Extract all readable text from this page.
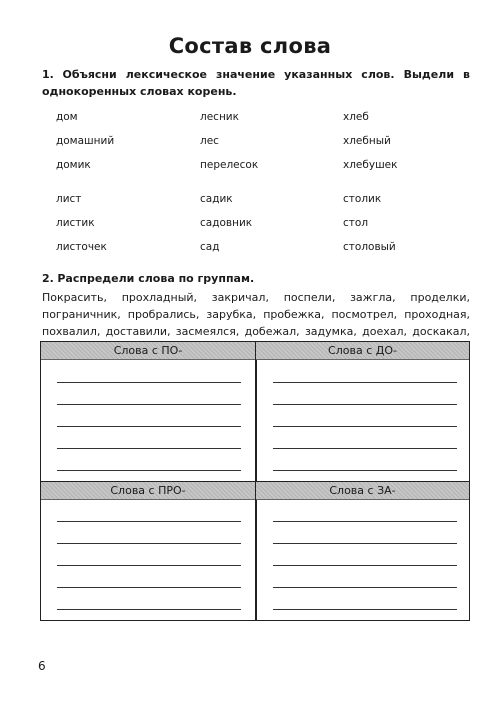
Состав слова
1. Объясни лексическое значение указанных слов. Выдели в однокоренных словах корень.
дом
домашний
домик
лист
листик
листочек
лесник
лес
перелесок
садик
садовник
сад
хлеб
хлебный
хлебушек
столик
стол
столовый
2. Распредели слова по группам.
Покрасить, прохладный, закричал, поспели, зажгла, проделки, пограничник, пробрались, зарубка, пробежка, посмотрел, проходная, похвалил, доставили, засмеялся, добежал, задумка, доехал, доскакал,
Слова с ПО-	Слова с ДО-
Слова с ПРО-	Слова с ЗА-
6
